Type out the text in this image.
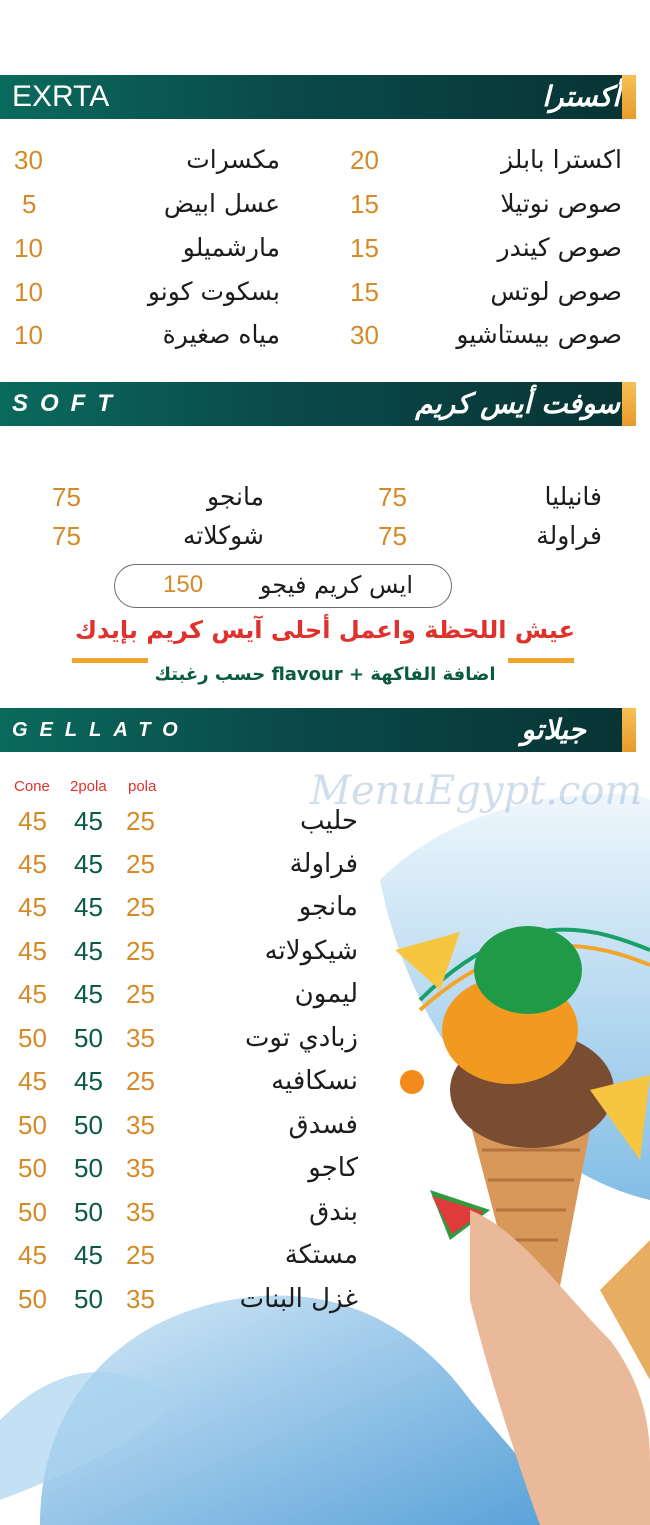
MenuEgypt.com
EXRTA	أكسترا
30	مكسرات
5	عسل ابيض
10	مارشميلو
10	بسكوت كونو
10	مياه صغيرة
20	اكسترا بابلز
15	صوص نوتيلا
15	صوص كيندر
15	صوص لوتس
30	صوص بيستاشيو
SOFT	سوفت أيس كريم
75	مانجو
75	شوكلاته
75	فانيليا
75	فراولة
150 ايس كريم فيجو
عيش اللحظة واعمل أحلى آيس كريم بإيدك
اضافة الفاكهة + flavour حسب رغبتك
GELLATO	جيلاتو
Cone 2pola pola
45 45 25	حليب
45 45 25	فراولة
45 45 25	مانجو
45 45 25	شيكولاته
45 45 25	ليمون
50 50 35	زبادي توت
45 45 25	نسكافيه
50 50 35	فسدق
50 50 35	كاجو
50 50 35	بندق
45 45 25	مستكة
50 50 35	غزل البنات
